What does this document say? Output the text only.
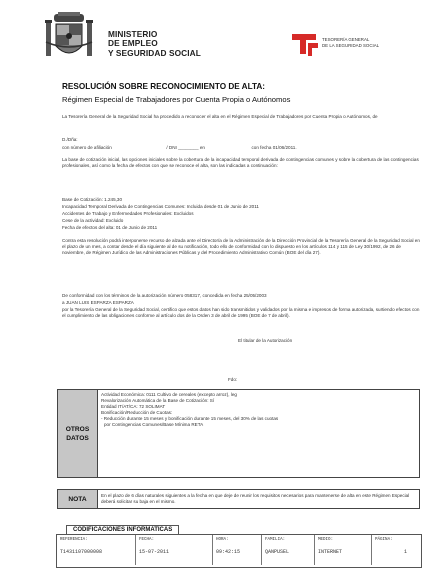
MINISTERIO
DE EMPLEO
Y SEGURIDAD SOCIAL
TESORERÍA GENERAL
DE LA SEGURIDAD SOCIAL
RESOLUCIÓN SOBRE RECONOCIMIENTO DE ALTA:
Régimen Especial de Trabajadores por Cuenta Propia o Autónomos
La Tesorería General de la Seguridad Social ha procedido a reconocer el alta en el Régimen Especial de Trabajadores por Cuenta Propia o Autónomos, de
D./Dña:
con número de afiliación	/ DNI ________ en	con fecha 01/06/2011.
La base de cotización inicial, las opciones iniciales sobre la cobertura de la incapacidad temporal derivada de contingencias comunes y sobre la cobertura de las contingencias profesionales, así como la fecha de efectos con que se reconoce el alta, son las indicadas a continuación:
Base de Cotización: 1.245,30
Incapacidad Temporal Derivada de Contingencias Comunes: Incluida desde 01 de Junio de 2011
Accidentes de Trabajo y Enfermedades Profesionales: Excluidos
Cese de la actividad: Excluido
Fecha de efectos del alta: 01 de Junio de 2011
Contra esta resolución podrá interponerse recurso de alzada ante el Director/a de la Administración de la Dirección Provincial de la Tesorería General de la Seguridad Social en el plazo de un mes, a contar desde el día siguiente al de su notificación, todo ello de conformidad con lo dispuesto en los artículos 114 y 115 de Ley 30/1992, de 26 de noviembre, de Régimen Jurídico de las Administraciones Públicas y del Procedimiento Administrativo Común (BOE del día 27).
De conformidad con los términos de la autorización número 058317, concedida en fecha 25/05/2003
a JUAN LUIS ESPARZA ESPARZA
por la Tesorería General de la Seguridad Social, certifico que estos datos han sido transmitidos y validados por la misma e impresos de forma autorizada, surtiendo efectos con el cumplimiento de las obligaciones conforme al artículo dos de la Orden 3 de abril de 1995 (BOE de 7 de abril).
El titular de la Autorización
Fdo:
OTROS DATOS

Actividad Económica: 0111 Cultivo de cereales (excepto arroz), leg
Revalorización Automática de la Base de Cotización: Sí
Entidad IT/AT/CA: 72 SOLIMAT
Bonificación/Reducción de Cuotas:
- Reducción durante 15 meses y bonificación durante 15 meses, del 30% de las cuotas
por Contingencias Comunes/Base Mínima RETA
NOTA	En el plazo de 6 días naturales siguientes a la fecha en que deje de reunir los requisitos necesarios para mantenerse de alta en este Régimen Especial deberá solicitar su baja en el mismo.
REFERENCIA:
T1431107000008
FECHA:
15-07-2011
HORA:
09:42:15
FAMILIA:
QANPUSEL
MEDIO:
INTERNET
PÁGINA:
1
CODIFICACIONES INFORMATICAS
